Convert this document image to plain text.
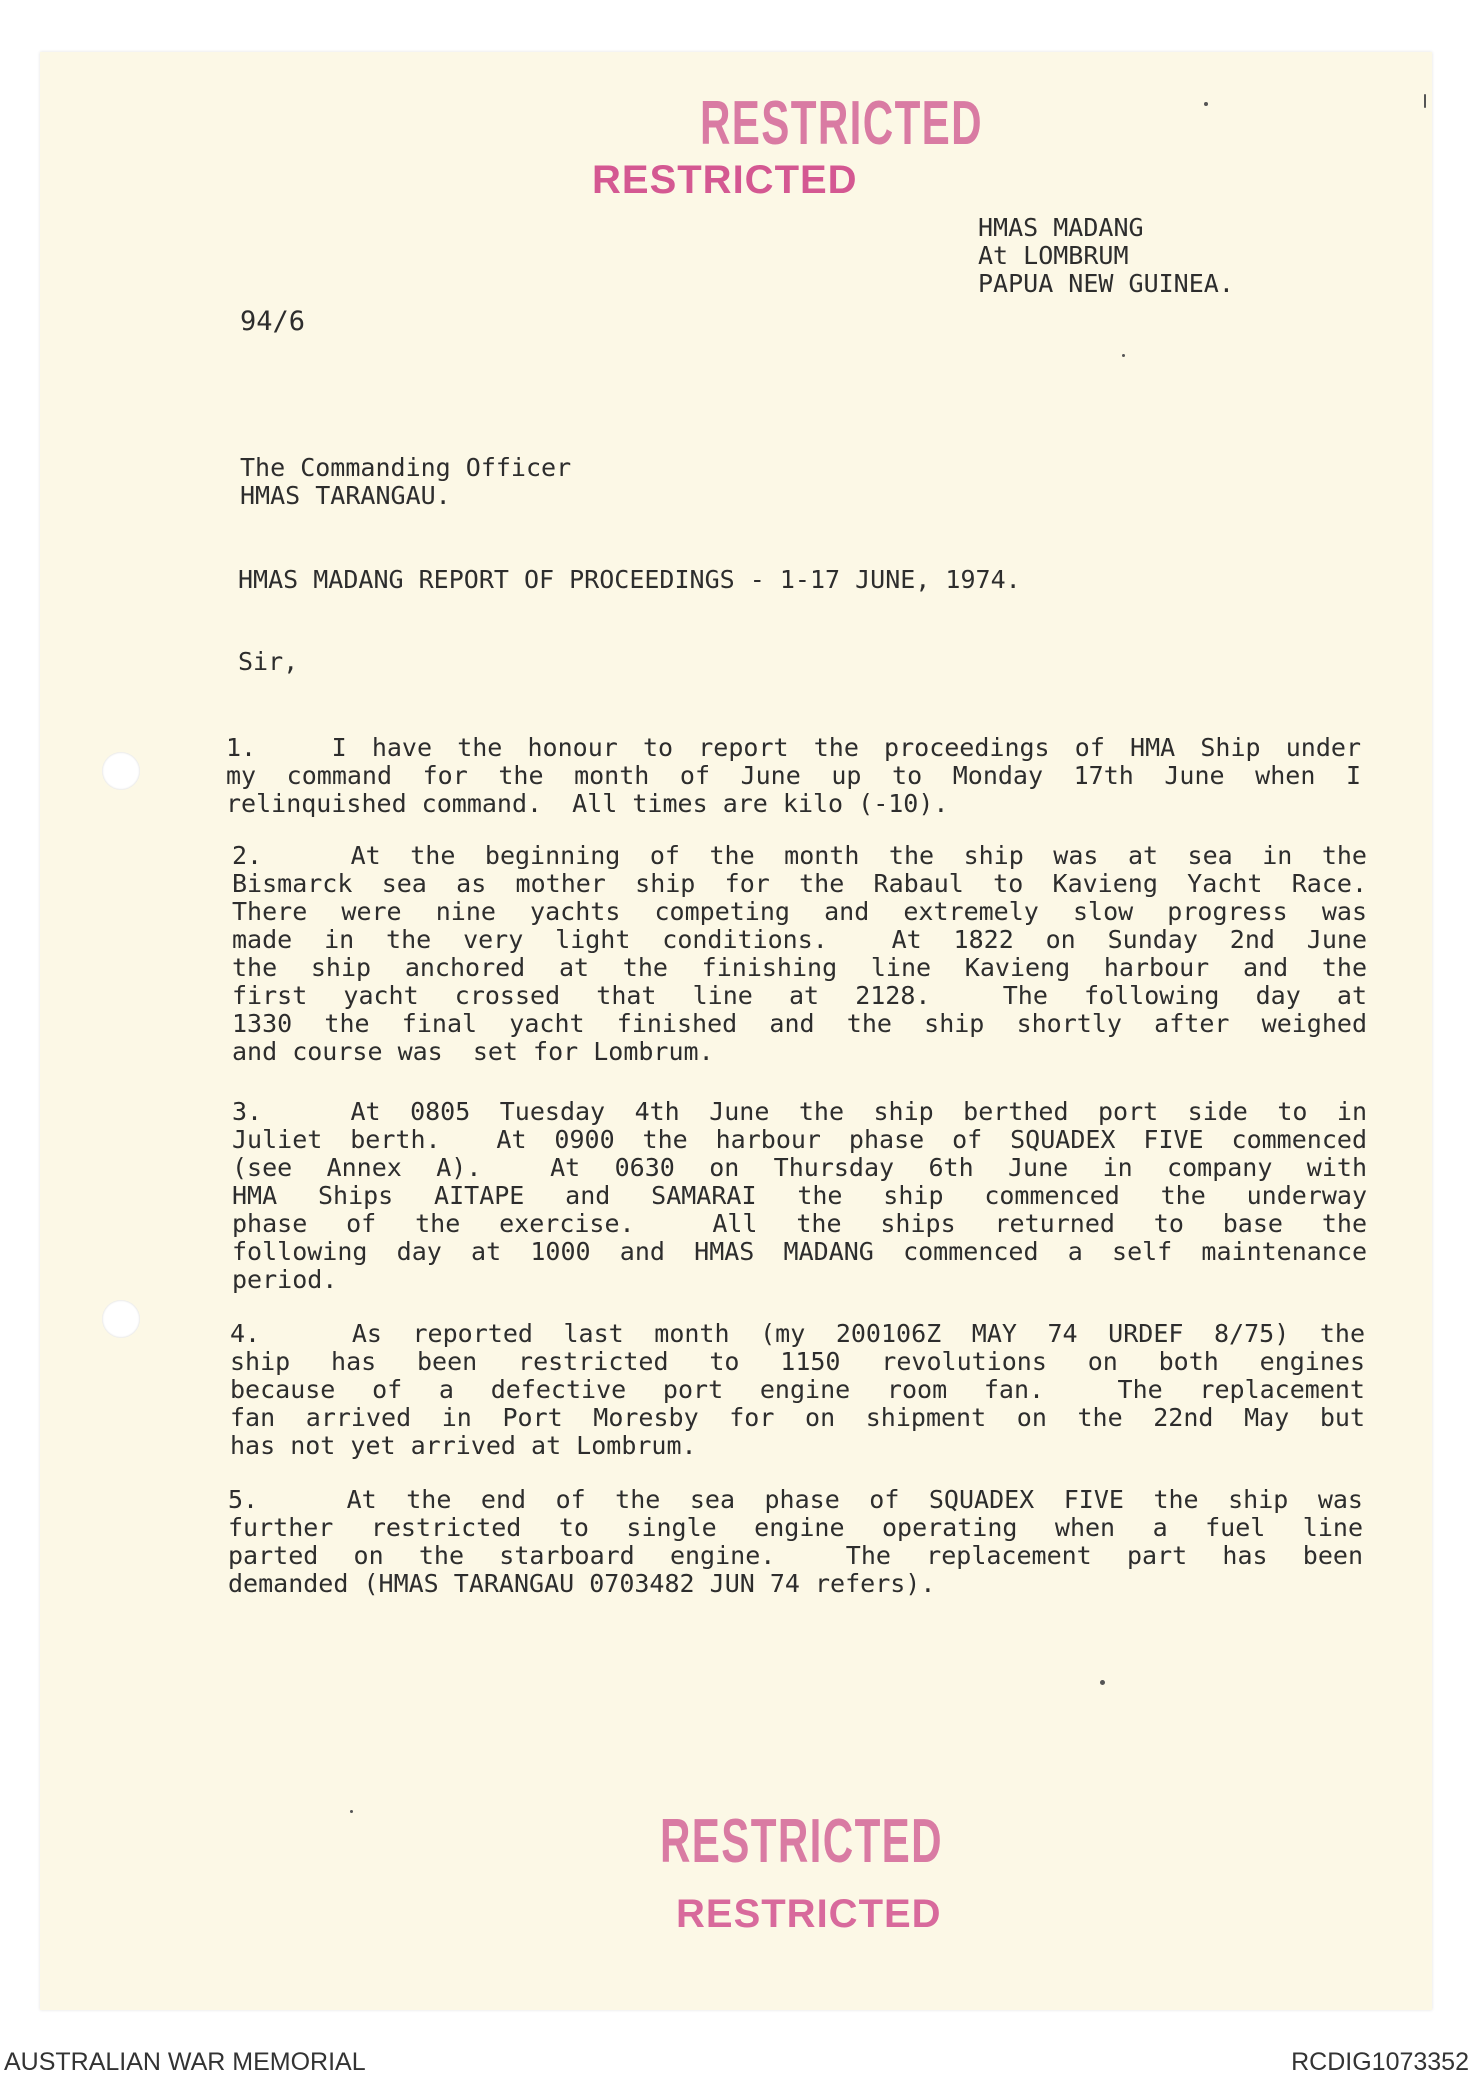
RESTRICTED
RESTRICTED
HMAS MADANG
At LOMBRUM
PAPUA NEW GUINEA.
94/6
The Commanding Officer
HMAS TARANGAU.
HMAS MADANG REPORT OF PROCEEDINGS - 1-17 JUNE, 1974.
Sir,
1.   I have the honour to report the proceedings of HMA Ship under
my command for the month of June up to Monday 17th June when I
relinquished command.  All times are kilo (-10).
2.   At the beginning of the month the ship was at sea in the
Bismarck sea as mother ship for the Rabaul to Kavieng Yacht Race.
There were nine yachts competing and extremely slow progress was
made in the very light conditions.  At 1822 on Sunday 2nd June
the ship anchored at the finishing line Kavieng harbour and the
first yacht crossed that line at 2128.  The following day at
1330 the final yacht finished and the ship shortly after weighed
and course was  set for Lombrum.
3.   At 0805 Tuesday 4th June the ship berthed port side to in
Juliet berth.  At 0900 the harbour phase of SQUADEX FIVE commenced
(see Annex A).  At 0630 on Thursday 6th June in company with
HMA Ships AITAPE and SAMARAI the ship commenced the underway
phase of the exercise.  All the ships returned to base the
following day at 1000 and HMAS MADANG commenced a self maintenance
period.
4.   As reported last month (my 200106Z MAY 74 URDEF 8/75) the
ship has been restricted to 1150 revolutions on both engines
because of a defective port engine room fan.  The replacement
fan arrived in Port Moresby for on shipment on the 22nd May but
has not yet arrived at Lombrum.
5.   At the end of the sea phase of SQUADEX FIVE the ship was
further restricted to single engine operating when a fuel line
parted on the starboard engine.  The replacement part has been
demanded (HMAS TARANGAU 0703482 JUN 74 refers).
RESTRICTED
RESTRICTED
AUSTRALIAN WAR MEMORIAL	RCDIG1073352
